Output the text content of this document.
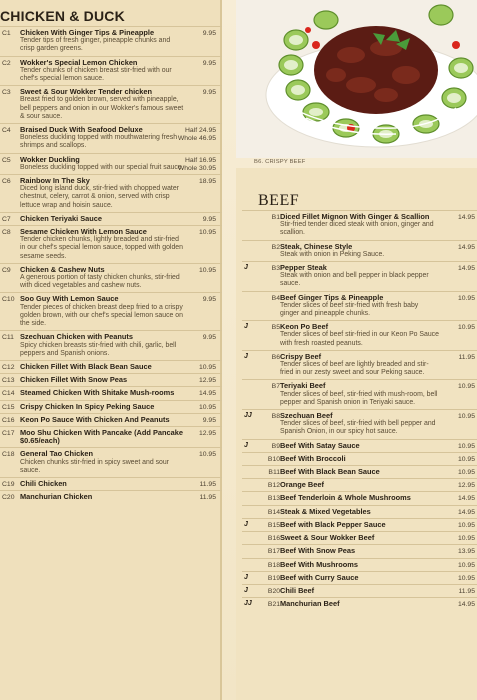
CHICKEN & DUCK
C1	Chicken With Ginger Tips & Pineapple
Tender tips of fresh ginger, pineapple chunks and crisp garden greens.
9.95
C2	Wokker's Special Lemon Chicken
Tender chunks of chicken breast stir-fried with our chef's special lemon sauce.
9.95
C3	Sweet & Sour Wokker Tender chicken
Breast fried to golden brown, served with pineapple, bell peppers and onion in our Wokker's famous sweet & sour sauce.
9.95
C4	Braised Duck With Seafood Deluxe
Boneless duckling topped with mouthwatering fresh shrimps and scallops.
Half 24.95
Whole 46.95
C5	Wokker Duckling
Boneless duckling topped with our special fruit sauce.
Half 16.95
Whole 30.95
C6	Rainbow In The Sky
Diced long island duck, stir-fried with chopped water chestnut, celery, carrot & onion, served with crisp lettuce wrap and hoisin sauce.
18.95
C7	Chicken Teriyaki Sauce	9.95
C8	Sesame Chicken With Lemon Sauce
Tender chicken chunks, lightly breaded and stir-fried in our chef's special lemon sauce, topped with golden sesame seeds.
10.95
C9	Chicken & Cashew Nuts
A generous portion of tasty chicken chunks, stir-fried with diced vegetables and cashew nuts.
10.95
C10 Soo Guy With Lemon Sauce
Tender pieces of chicken breast deep fried to a crispy golden brown, with our chef's special lemon sauce on the side.
9.95
C11 Szechuan Chicken with Peanuts
Spicy chicken breasts stir-fried with chili, garlic, bell peppers and Spanish onions.
9.95
C12 Chicken Fillet With Black Bean Sauce	10.95
C13 Chicken Fillet With Snow Peas	12.95
C14 Steamed Chicken With Shitake Mush-rooms	14.95
C15 Crispy Chicken In Spicy Peking Sauce	10.95
C16 Keon Po Sauce With Chicken And Peanuts	9.95
C17 Moo Shu Chicken With Pancake (Add Pancake $0.65/each)
12.95
C18 General Tao Chicken
Chicken chunks stir-fried in spicy sweet and sour sauce.
10.95
C19 Chili Chicken	11.95
C20 Manchurian Chicken	11.95
B6. CRISPY BEEF
BEEF
B1 Diced Fillet Mignon With Ginger & Scallion
Stir-fried tender diced steak with onion, ginger and scallion.
14.95
B2 Steak, Chinese Style
Steak with onion in Peking Sauce.
14.95
J	B3 Pepper Steak
Steak with onion and bell pepper in black pepper sauce.
14.95
B4 Beef Ginger Tips & Pineapple
Tender slices of beef stir-fried with fresh baby ginger and pineapple chunks.
10.95
J	B5 Keon Po Beef
Tender slices of beef stir-fried in our Keon Po Sauce with fresh roasted peanuts.
10.95
J	B6 Crispy Beef
Tender slices of beef are lightly breaded and stir-fried in our zesty sweet and sour Peking sauce.
11.95
B7 Teriyaki Beef
Tender slices of beef, stir-fried with mush-room, bell pepper and Spanish onion in Teriyaki sauce.
10.95
JJ	B8 Szechuan Beef
Tender slices of beef, stir-fried with bell pepper and Spanish Onion, in our spicy hot sauce.
10.95
J	B9 Beef With Satay Sauce	10.95
B10 Beef With Broccoli	10.95
B11 Beef With Black Bean Sauce	10.95
B12 Orange Beef	12.95
B13 Beef Tenderloin & Whole Mushrooms	14.95
B14 Steak & Mixed Vegetables	14.95
J	B15 Beef with Black Pepper Sauce	10.95
B16 Sweet & Sour Wokker Beef	10.95
B17 Beef With Snow Peas	13.95
B18 Beef With Mushrooms	10.95
J	B19 Beef with Curry Sauce	10.95
J	B20 Chili Beef	11.95
JJ	B21 Manchurian Beef	14.95
